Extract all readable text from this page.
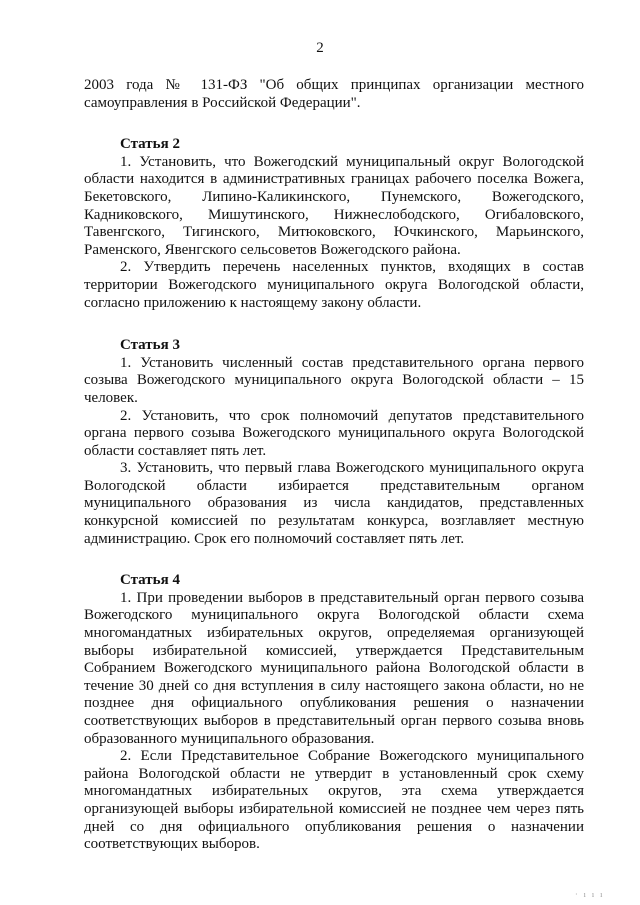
2

2003 года № 131-ФЗ "Об общих принципах организации местного самоуправления в Российской Федерации".

Статья 2

1. Установить, что Вожегодский муниципальный округ Вологодской области находится в административных границах рабочего поселка Вожега, Бекетовского, Липино-Каликинского, Пунемского, Вожегодского, Кадниковского, Мишутинского, Нижнеслободского, Огибаловского, Тавенгского, Тигинского, Митюковского, Ючкинского, Марьинского, Раменского, Явенгского сельсоветов Вожегодского района.

2. Утвердить перечень населенных пунктов, входящих в состав территории Вожегодского муниципального округа Вологодской области, согласно приложению к настоящему закону области.

Статья 3

1. Установить численный состав представительного органа первого созыва Вожегодского муниципального округа Вологодской области – 15 человек.

2. Установить, что срок полномочий депутатов представительного органа первого созыва Вожегодского муниципального округа Вологодской области составляет пять лет.

3. Установить, что первый глава Вожегодского муниципального округа Вологодской области избирается представительным органом муниципального образования из числа кандидатов, представленных конкурсной комиссией по результатам конкурса, возглавляет местную администрацию. Срок его полномочий составляет пять лет.

Статья 4

1. При проведении выборов в представительный орган первого созыва Вожегодского муниципального округа Вологодской области схема многомандатных избирательных округов, определяемая организующей выборы избирательной комиссией, утверждается Представительным Собранием Вожегодского муниципального района Вологодской области в течение 30 дней со дня вступления в силу настоящего закона области, но не позднее дня официального опубликования решения о назначении соответствующих выборов в представительный орган первого созыва вновь образованного муниципального образования.

2. Если Представительное Собрание Вожегодского муниципального района Вологодской области не утвердит в установленный срок схему многомандатных избирательных округов, эта схема утверждается организующей выборы избирательной комиссией не позднее чем через пять дней со дня официального опубликования решения о назначении соответствующих выборов.

· ı ı ı
